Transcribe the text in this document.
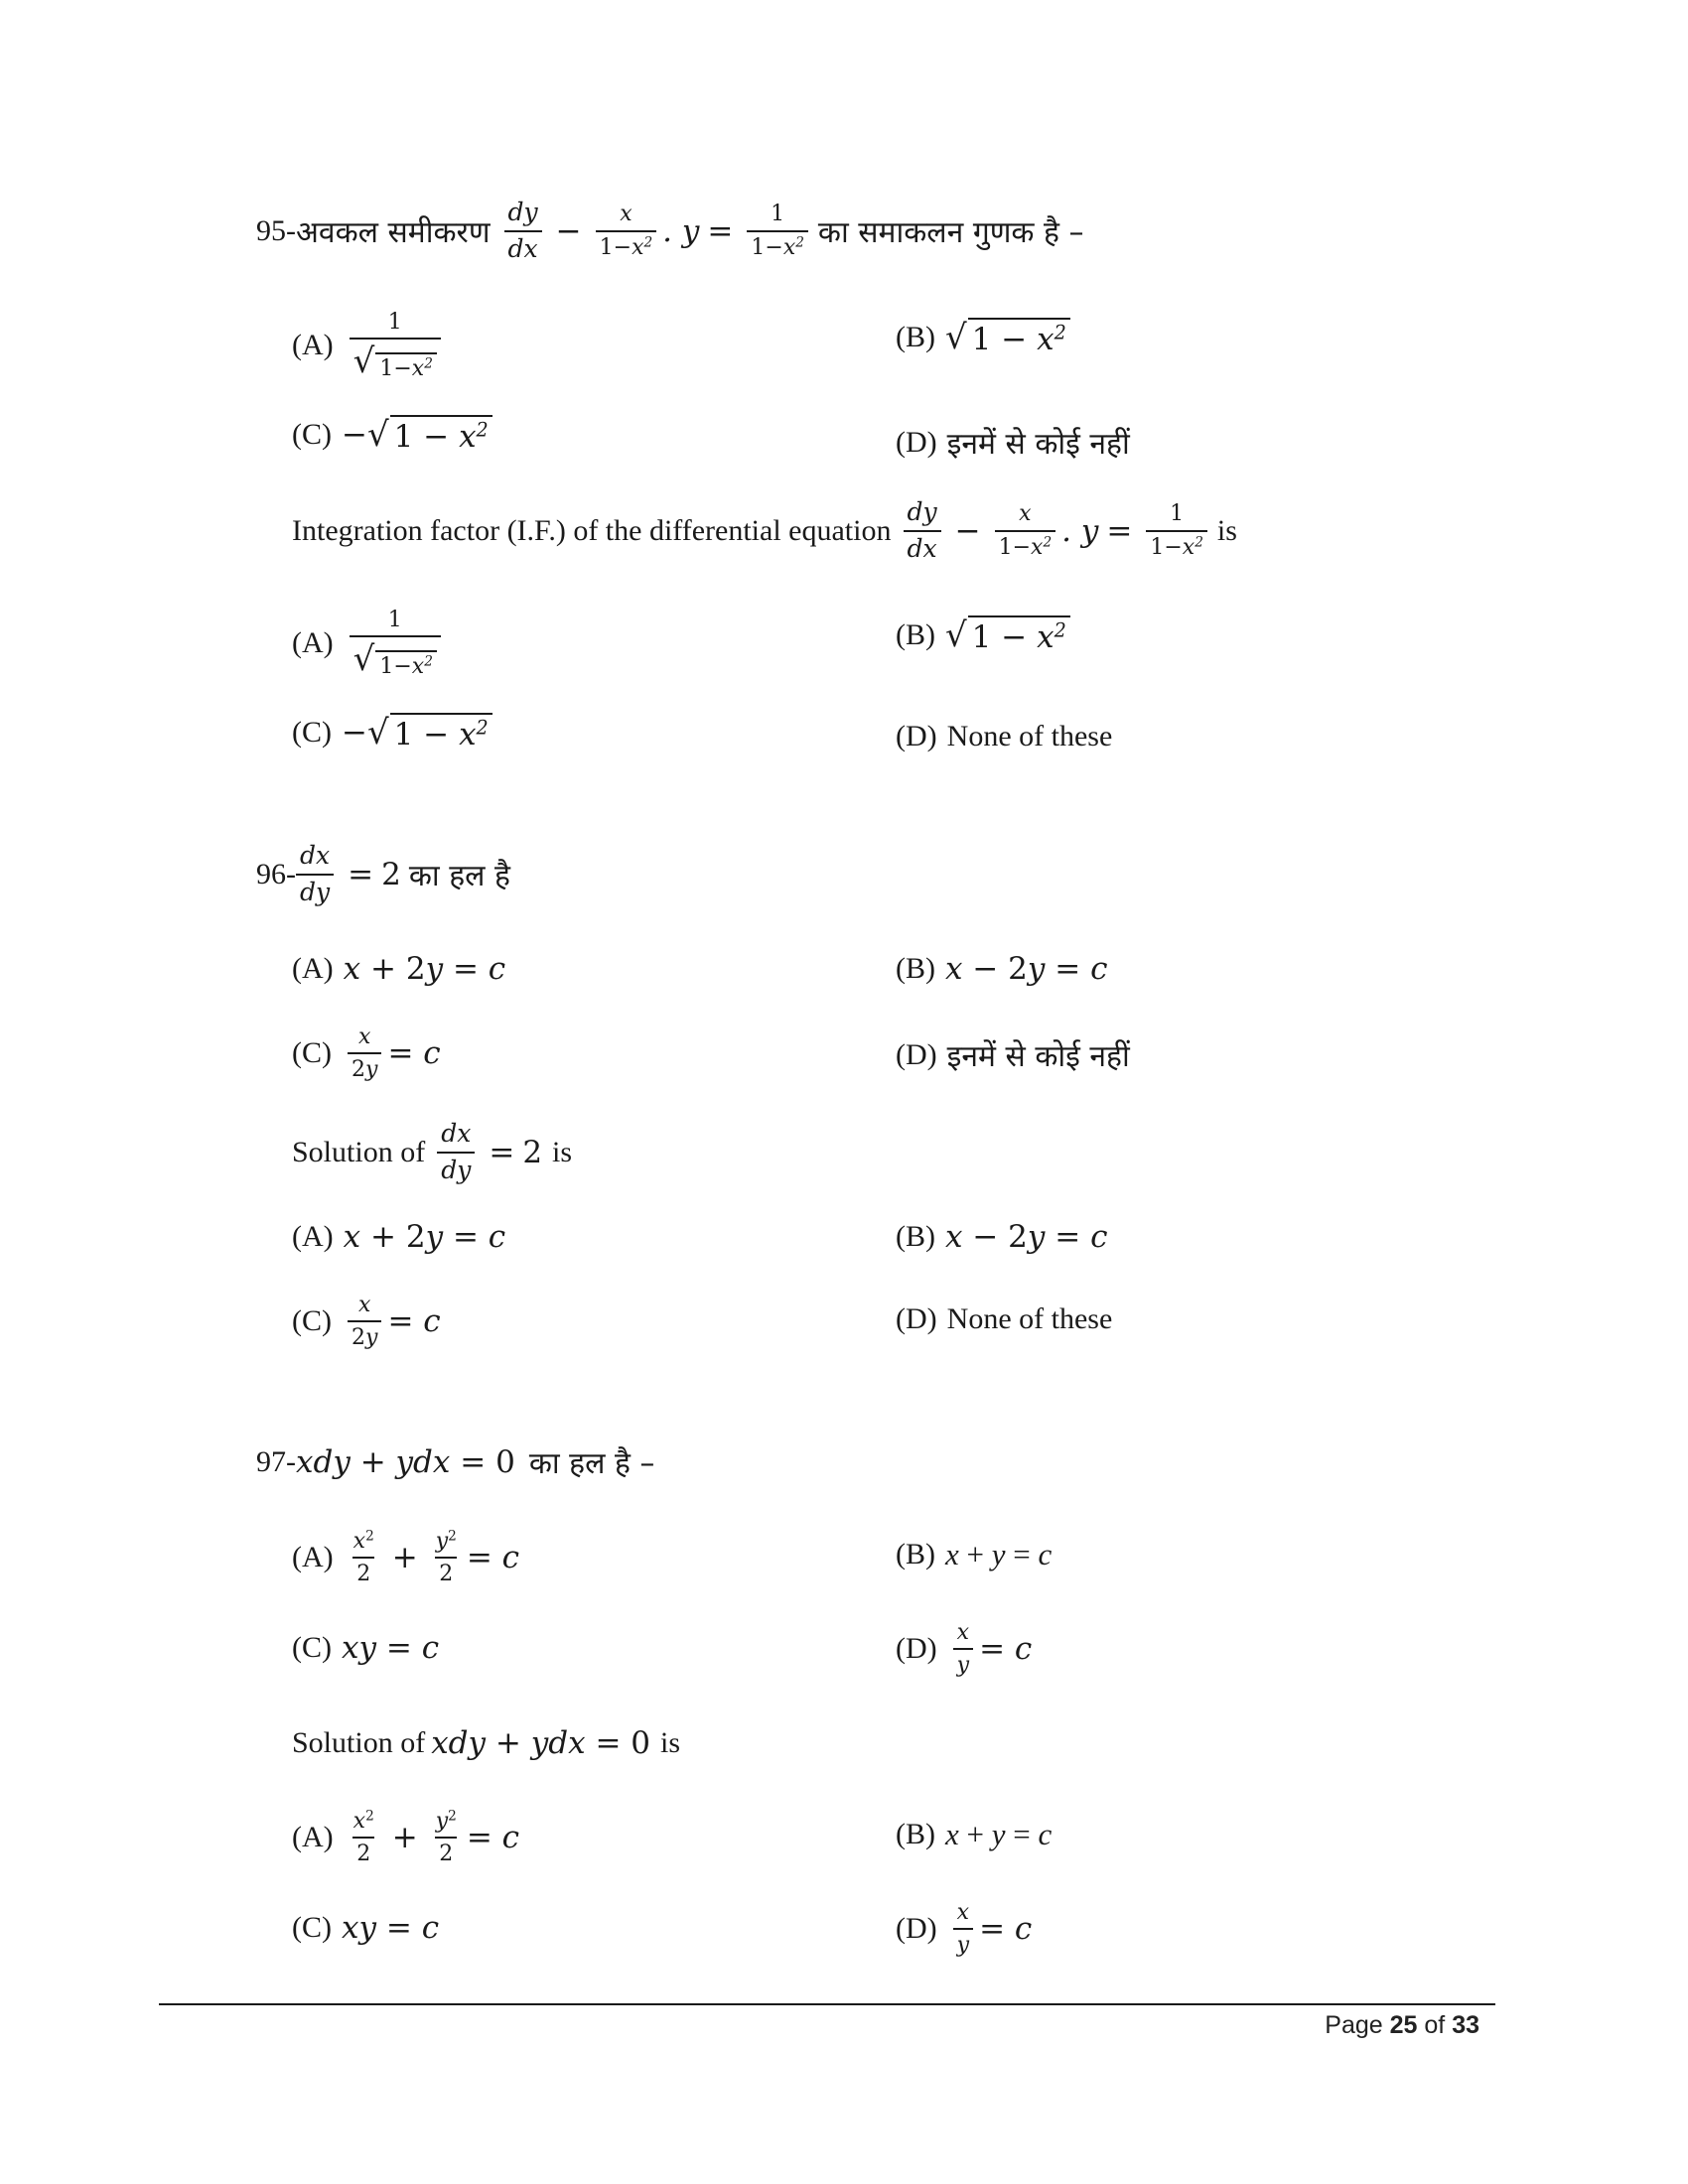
95- अवकल समीकरण $\frac{dy}{dx} - \frac{x}{1-x^2}$ . $y = \frac{1}{1-x^2}$ का समाकलन गुणक है –
$(A) \frac{1}{√ 1-x^2}$	(B) √ $1 - x^2$
(C) − √ $1 - x^2$	(D) इनमें से कोई नहीं
Integration factor (I.F.) of the differential equation $\frac{dy}{dx} - \frac{x}{1-x^2}$ . $y = \frac{1}{1-x^2}$ is
$(A) \frac{1}{√ 1-x^2}$	(B) √ $1 - x^2$
(C) − √ $1 - x^2$	(D) None of these
$96- \frac{dx}{dy} = 2$ का हल है
(A) x + 2y = c	(B) x − 2y = c
$(C) \frac{x}{2y} = c$	(D) इनमें से कोई नहीं
Solution of $\frac{dx}{dy} = 2$ is
(A) x + 2y = c	(B) x − 2y = c
$(C) \frac{x}{2y} = c$	(D) None of these
97- xdy + ydx = 0 का हल है –
$(A) \frac{x^2}{2} + \frac{y^2}{2} = c$	(B) x + y = c
(C) xy = c	$(D) \frac{x}{y} = c$
Solution of xdy + ydx = 0 is
$(A) \frac{x^2}{2} + \frac{y^2}{2} = c$	(B) x + y = c
(C) xy = c	$(D) \frac{x}{y} = c$
Page 25 of 33
